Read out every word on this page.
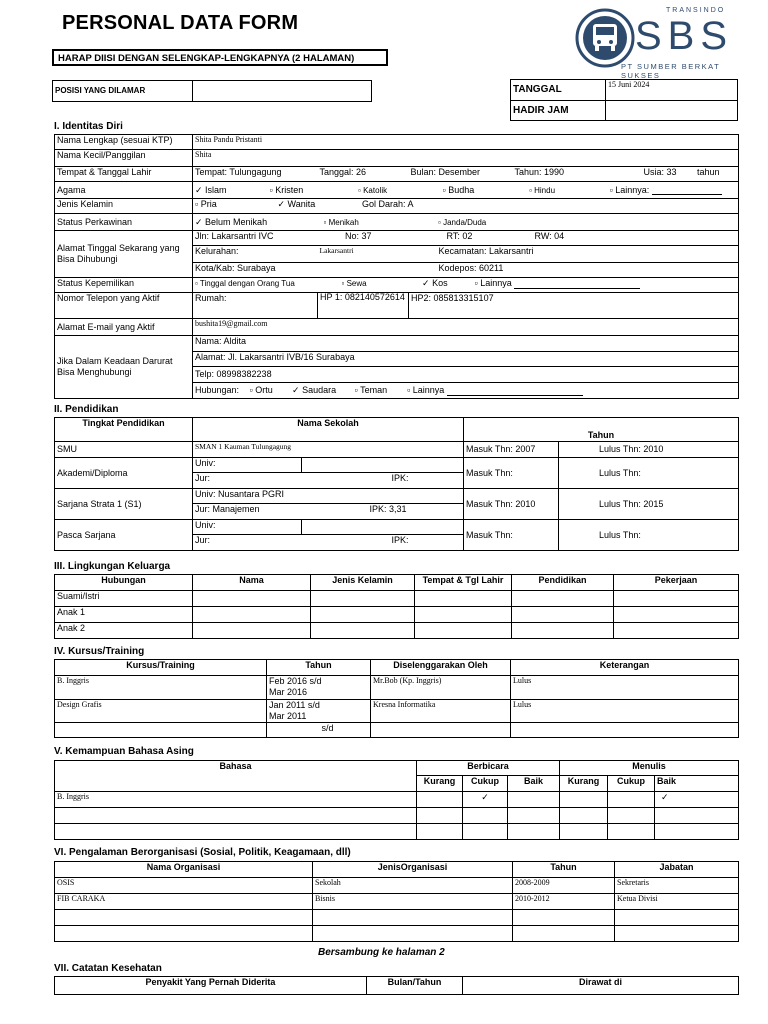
PERSONAL DATA FORM
HARAP DIISI DENGAN SELENGKAP-LENGKAPNYA (2 HALAMAN)
TRANSINDO
SBS
PT SUMBER BERKAT SUKSES
POSISI YANG DILAMAR		TANGGAL	15 Juni 2024
HADIR JAM	
I. Identitas Diri
Nama Lengkap (sesuai KTP)	Shita Pandu Pristanti					
Nama Kecil/Panggilan	Shita					
Tempat & Tanggal Lahir	Tempat: Tulungagung	Tanggal: 26	Bulan: Desember	Tahun: 1990	Usia: 33	tahun
Agama	✓ Islam ▫ Kristen ▫ Katolik ▫ Budha ▫ Hindu ▫ Lainnya:					
Jenis Kelamin	▫ Pria ✓ Wanita Gol Darah: A					
Status Perkawinan	✓ Belum Menikah ▫ Menikah ▫ Janda/Duda					
Alamat Tinggal Sekarang yang Bisa Dihubungi	Jln: Lakarsantri IVC No: 37		RT: 02 RW: 04			
	Kelurahan:	Lakarsantri	Kecamatan: Lakarsantri			
	Kota/Kab: Surabaya		Kodepos: 60211			
Status Kepemilikan	▫ Tinggal dengan Orang Tua ▫ Sewa ✓ Kos ▫ Lainnya					
Nomor Telepon yang Aktif	Rumah:	HP 1: 082140572614	HP2: 085813315107			
Alamat E-mail yang Aktif	bushita19@gmail.com					
Jika Dalam Keadaan Darurat Bisa Menghubungi	Nama: Aldita					
	Alamat: Jl. Lakarsantri IVB/16 Surabaya					
	Telp: 08998382238					
	Hubungan: ▫ Ortu ✓ Saudara ▫ Teman ▫ Lainnya					
II. Pendidikan
Tingkat Pendidikan	Nama Sekolah		Tahun	
SMU	SMAN 1 Kauman Tulungagung		Masuk Thn: 2007	Lulus Thn: 2010
Akademi/Diploma	Univ:		Masuk Thn:	Lulus Thn:
	Jur:	IPK:		
Sarjana Strata 1 (S1)	Univ: Nusantara PGRI		Masuk Thn: 2010	Lulus Thn: 2015
	Jur: Manajemen	IPK: 3,31		
Pasca Sarjana	Univ:		Masuk Thn:	Lulus Thn:
	Jur:	IPK:		
III. Lingkungan Keluarga
Hubungan	Nama	Jenis Kelamin	Tempat & Tgl Lahir	Pendidikan	Pekerjaan
Suami/Istri					
Anak 1					
Anak 2					
IV. Kursus/Training
Kursus/Training	Tahun	Diselenggarakan Oleh	Keterangan
B. Inggris	Feb 2016 s/d
Mar 2016	Mr.Bob (Kp. Inggris)	Lulus
Design Grafis	Jan 2011 s/d
Mar 2011	Kresna Informatika	Lulus
	s/d		
V. Kemampuan Bahasa Asing
Bahasa	Berbicara			Menulis		
	Kurang	Cukup	Baik	Kurang	Cukup	Baik
B. Inggris		✓				✓

VI. Pengalaman Berorganisasi (Sosial, Politik, Keagamaan, dll)
Nama Organisasi	JenisOrganisasi	Tahun	Jabatan
OSIS	Sekolah	2008-2009	Sekretaris
FIB CARAKA	Bisnis	2010-2012	Ketua Divisi

Bersambung ke halaman 2
VII. Catatan Kesehatan
Penyakit Yang Pernah Diderita	Bulan/Tahun	Dirawat di
